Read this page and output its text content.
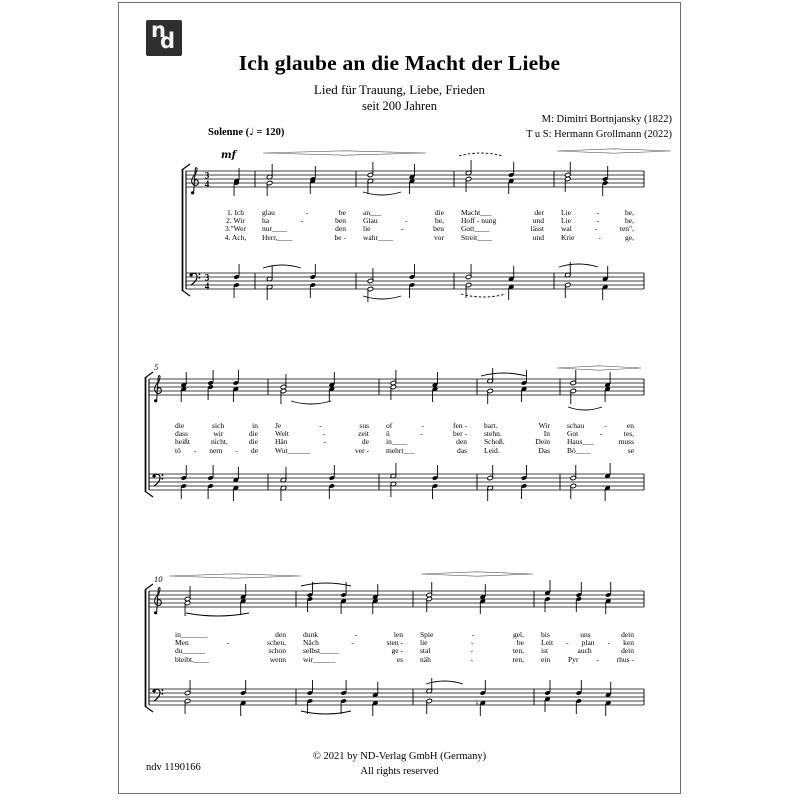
n
d
Ich glaube an die Macht der Liebe
Lied für Trauung, Liebe, Frieden
seit 200 Jahren
M: Dimitri Bortnjansky (1822)
T u S: Hermann Grollmann (2022)
Solenne (♩ = 120)
mf
3
4
3
4
5
10
♭
1. Ich glau	-	be an___	die Macht___	der Lie	-	be,
2. Wir ha	-	ben Glau	-	be, Hoff - nung	und Lie	-	be,
3."Wer nur____	den lie	-	ben Gott____	lässt wal	-	ten",
4. Ach, Herr,____	be - wahr____	vor Streit____	und Krie	-	ge,
die	sich	in Je	-	sus of	-	fen - bart.	Wir schau	-	en
dass	wir	die Welt	-	zeit ü	-	ber - stehn.	In Got	-	tes,
heißt	nicht,	die Hän	-	de in____	den Schoß.	Dein Haus___	muss
tö - nern - de Wut______	ver - mehrt___	das Leid.	Das Bö____	se
in_______	den dunk	-	len Spie	-	gel, bis	uns	dein
Men	-	schen, Näch	-	sten - lie	-	be Leit - plan - ken
du______	schon selbst_____	ge - stal	-	ten, ist	auch	dein
bleibt,____	wenn wir______	es näh	-	ren, ein Pyr - rhus -
© 2021 by ND-Verlag GmbH (Germany)
All rights reserved
ndv 1190166
